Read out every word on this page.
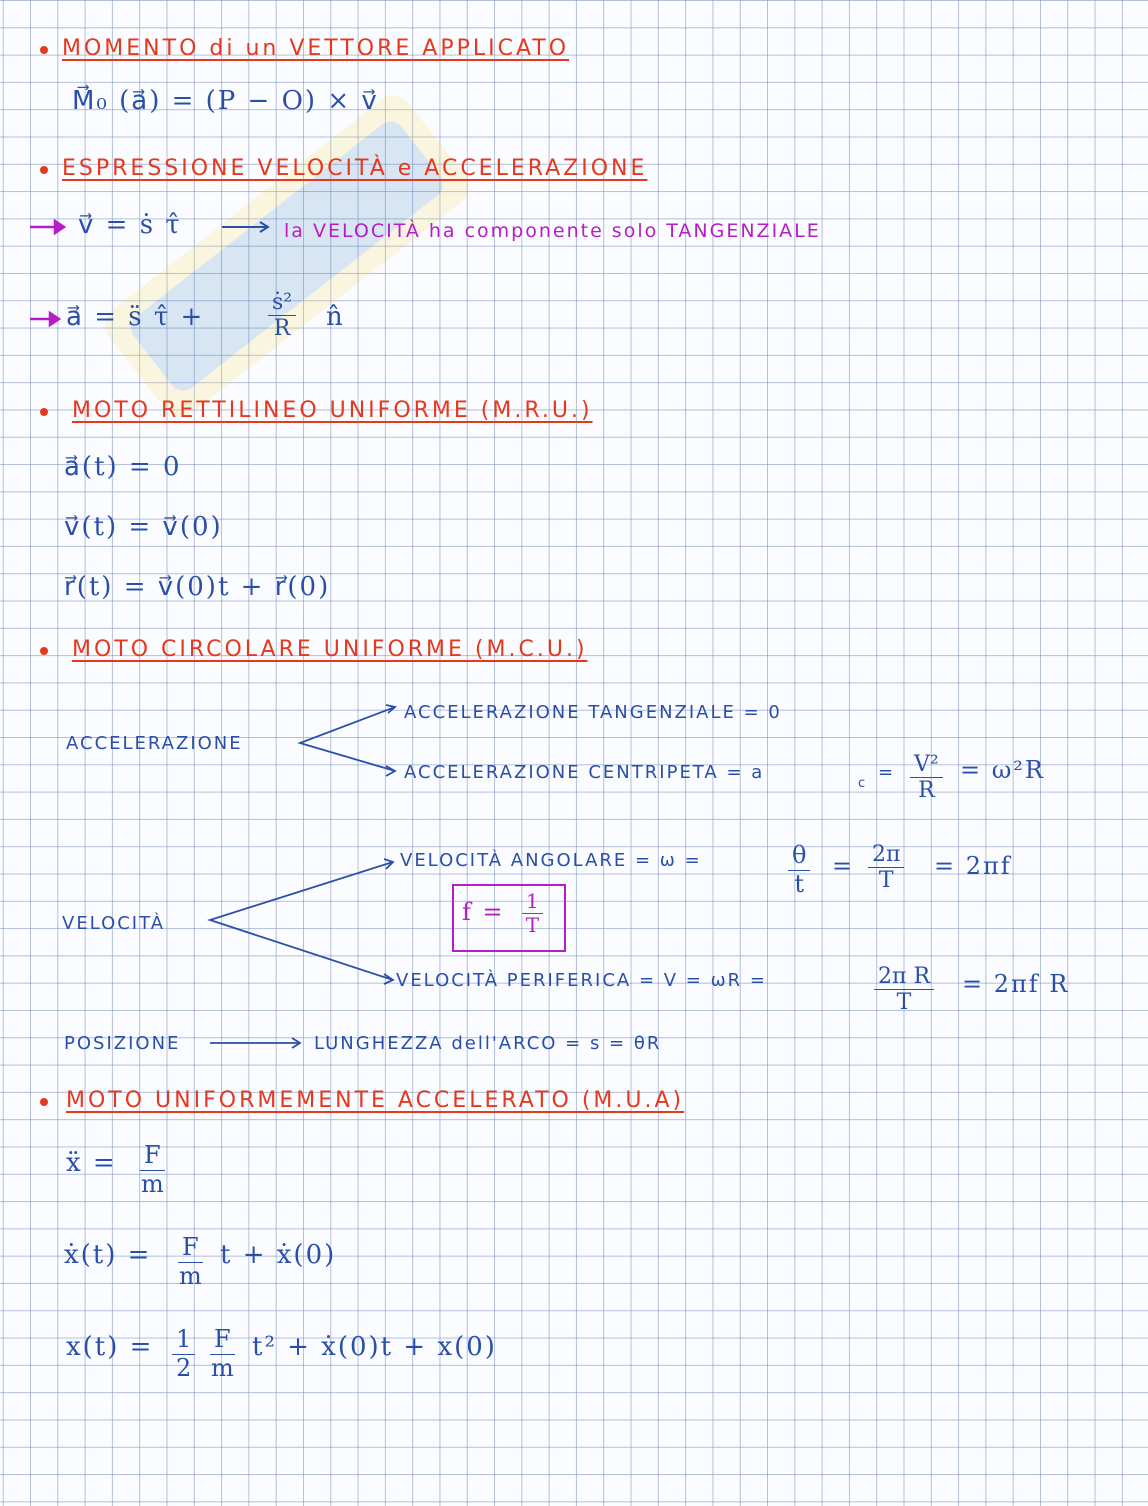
MOMENTO di un VETTORE APPLICATO
M⃗₀ (a⃗) = (P − O) × v⃗
ESPRESSIONE VELOCITÀ e ACCELERAZIONE
v⃗ = ṡ τ̂	la VELOCITÀ ha componente solo TANGENZIALE
a⃗ = s̈ τ̂ +	$\frac{\text{ṡ²}}{R}$ n̂
MOTO RETTILINEO UNIFORME (M.R.U.)
a⃗(t) = 0
v⃗(t) = v⃗(0)
r⃗(t) = v⃗(0)t + r⃗(0)
MOTO CIRCOLARE UNIFORME (M.C.U.)
ACCELERAZIONE
ACCELERAZIONE TANGENZIALE = 0
ACCELERAZIONE CENTRIPETA = a
c
= $\frac{\text{V²}}{R} = \omega^2R$
VELOCITÀ
VELOCITÀ ANGOLARE = ω =	$\frac{\theta}{t} = \frac{2\pi}{T} = 2\pi f$
$f = \frac{1}{T}$
VELOCITÀ PERIFERICA = V = ωR =	$\frac{\text{2π R}}{T} = 2\pi f$ R
POSIZIONE	LUNGHEZZA dell'ARCO = s = θR
MOTO UNIFORMEMENTE ACCELERATO (M.U.A)
ẍ = $\frac{F}{m}$
ẋ(t) = $\frac{F}{m}$ t + ẋ(0)
$x(t) = \frac{1}{2} \frac{F}{m} t^2$ + ẋ(0)t + x(0)
